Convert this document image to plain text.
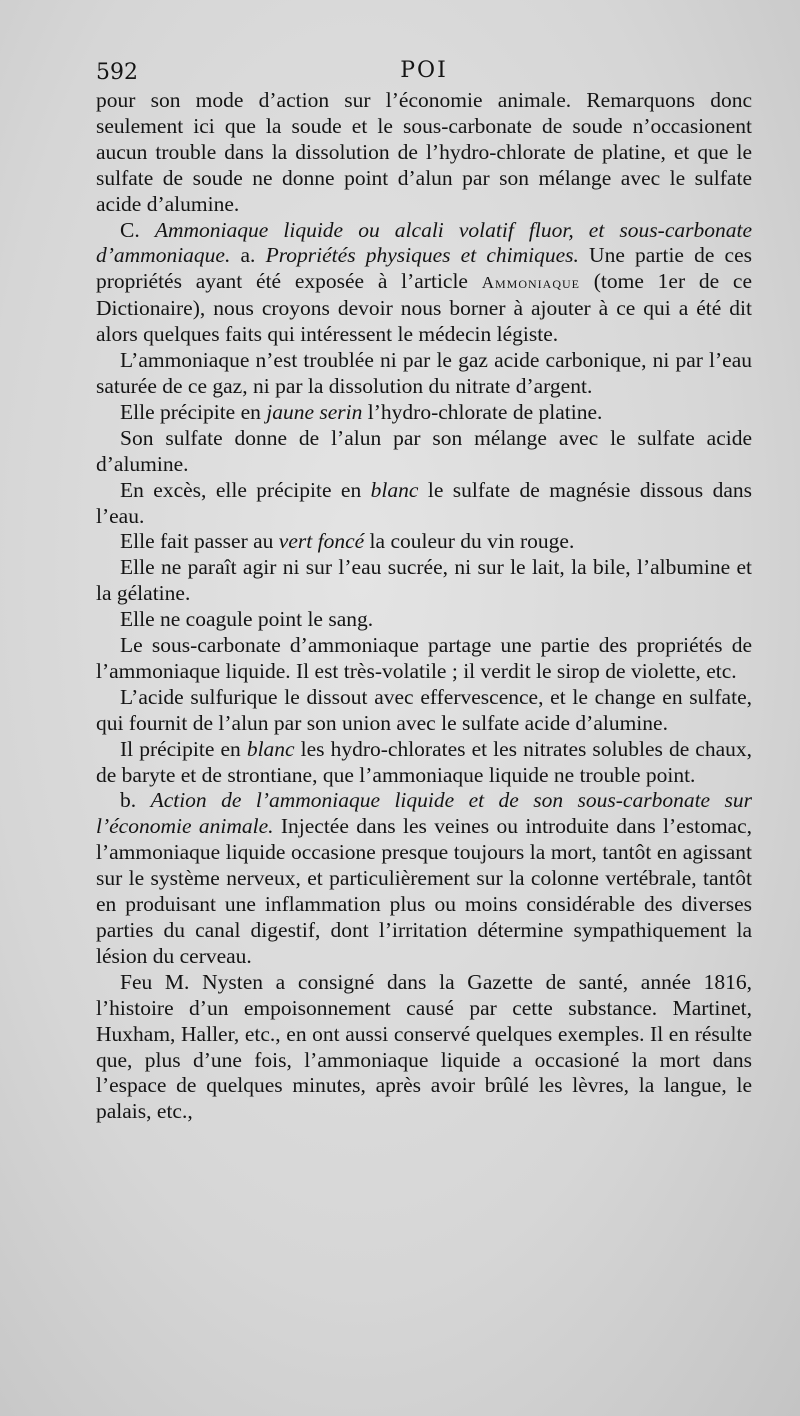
592	POI

pour son mode d’action sur l’économie animale. Remarquons donc seulement ici que la soude et le sous-carbonate de soude n’occasionent aucun trouble dans la dissolution de l’hydro-chlorate de platine, et que le sulfate de soude ne donne point d’alun par son mélange avec le sulfate acide d’alumine.

C. Ammoniaque liquide ou alcali volatif fluor, et sous-carbonate d’ammoniaque. a. Propriétés physiques et chimiques. Une partie de ces propriétés ayant été exposée à l’article Ammoniaque (tome 1er de ce Dictionaire), nous croyons devoir nous borner à ajouter à ce qui a été dit alors quelques faits qui intéressent le médecin légiste.

L’ammoniaque n’est troublée ni par le gaz acide carbonique, ni par l’eau saturée de ce gaz, ni par la dissolution du nitrate d’argent.

Elle précipite en jaune serin l’hydro-chlorate de platine.

Son sulfate donne de l’alun par son mélange avec le sulfate acide d’alumine.

En excès, elle précipite en blanc le sulfate de magnésie dissous dans l’eau.

Elle fait passer au vert foncé la couleur du vin rouge.

Elle ne paraît agir ni sur l’eau sucrée, ni sur le lait, la bile, l’albumine et la gélatine.

Elle ne coagule point le sang.

Le sous-carbonate d’ammoniaque partage une partie des propriétés de l’ammoniaque liquide. Il est très-volatile ; il verdit le sirop de violette, etc.

L’acide sulfurique le dissout avec effervescence, et le change en sulfate, qui fournit de l’alun par son union avec le sulfate acide d’alumine.

Il précipite en blanc les hydro-chlorates et les nitrates solubles de chaux, de baryte et de strontiane, que l’ammoniaque liquide ne trouble point.

b. Action de l’ammoniaque liquide et de son sous-carbonate sur l’économie animale. Injectée dans les veines ou introduite dans l’estomac, l’ammoniaque liquide occasione presque toujours la mort, tantôt en agissant sur le système nerveux, et particulièrement sur la colonne vertébrale, tantôt en produisant une inflammation plus ou moins considérable des diverses parties du canal digestif, dont l’irritation détermine sympathiquement la lésion du cerveau.

Feu M. Nysten a consigné dans la Gazette de santé, année 1816, l’histoire d’un empoisonnement causé par cette substance. Martinet, Huxham, Haller, etc., en ont aussi conservé quelques exemples. Il en résulte que, plus d’une fois, l’ammoniaque liquide a occasioné la mort dans l’espace de quelques minutes, après avoir brûlé les lèvres, la langue, le palais, etc.,
